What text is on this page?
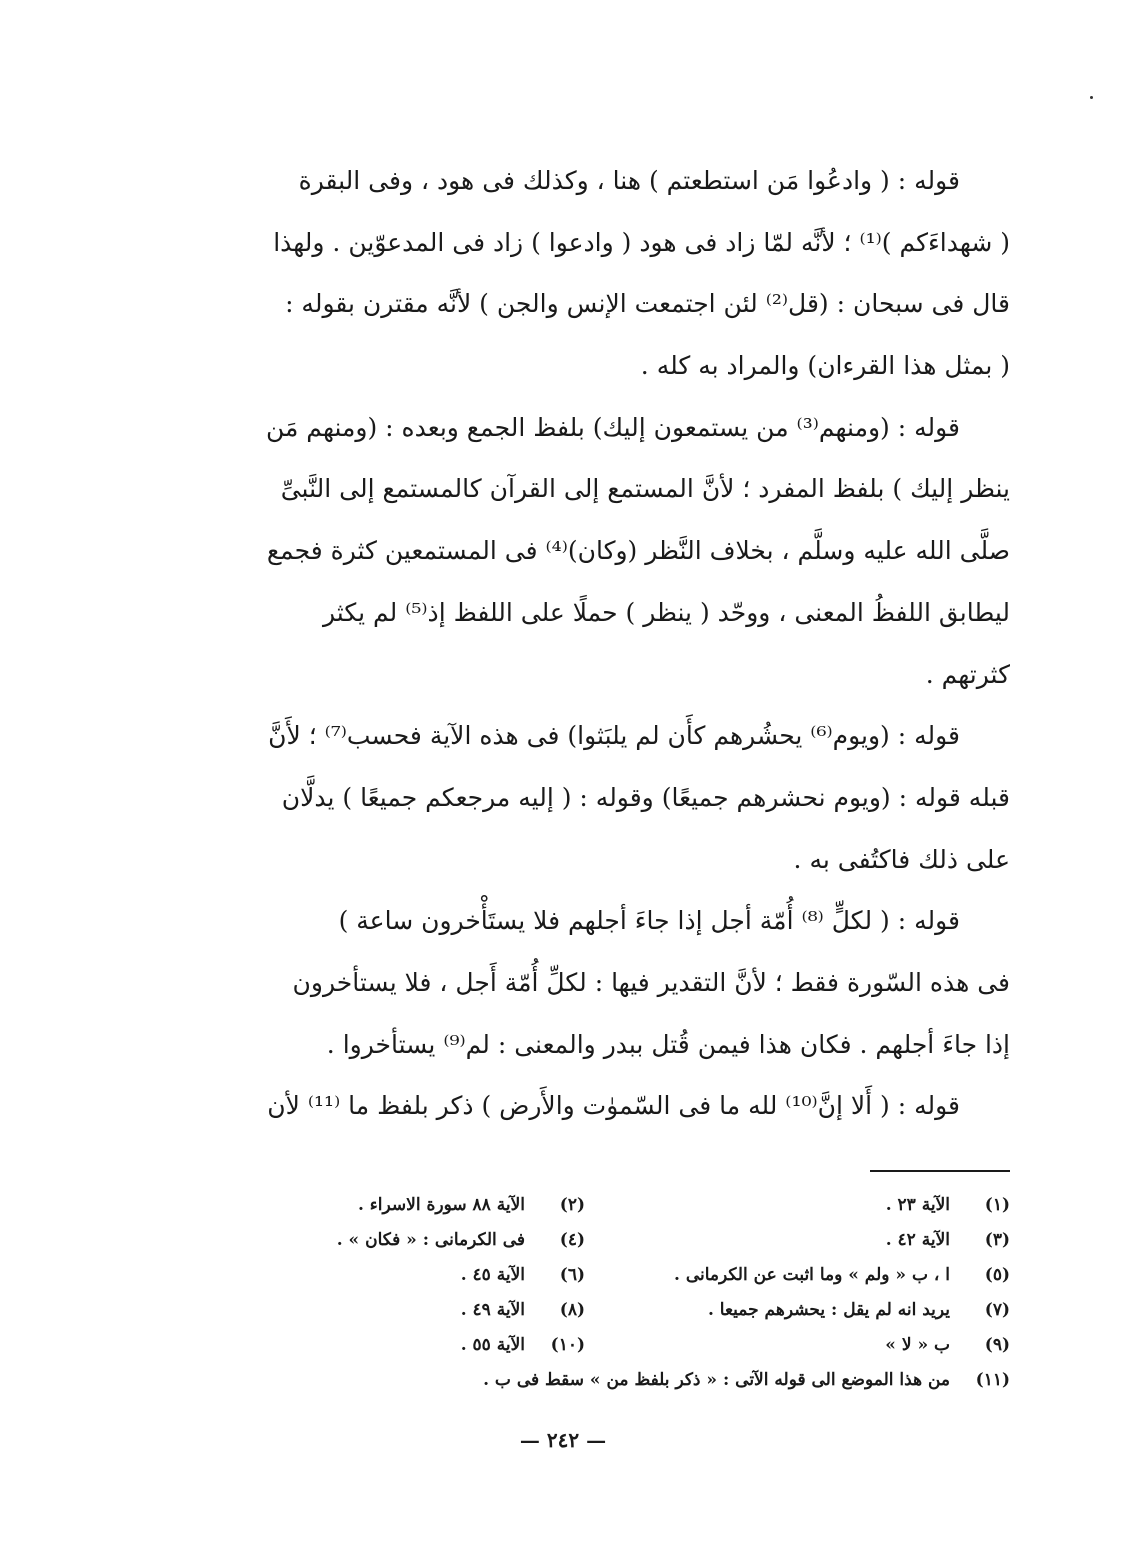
قوله : ( وادعُوا مَن استطعتم ) هنا ، وكذلك فى هود ، وفى البقرة
( شهداءَكم )⁽¹⁾ ؛ لأنَّه لمّا زاد فى هود ( وادعوا ) زاد فى المدعوّين . ولهذا
قال فى سبحان : (قل⁽²⁾ لئن اجتمعت الإنس والجن ) لأنَّه مقترن بقوله :
( بمثل هذا القرءان) والمراد به كله .
قوله : (ومنهم⁽³⁾ من يستمعون إليك) بلفظ الجمع وبعده : (ومنهم مَن
ينظر إليك ) بلفظ المفرد ؛ لأنَّ المستمع إلى القرآن كالمستمع إلى النَّبىِّ
صلَّى الله عليه وسلَّم ، بخلاف النَّظر (وكان)⁽⁴⁾ فى المستمعين كثرة فجمع
ليطابق اللفظُ المعنى ، ووحّد ( ينظر ) حملًا على اللفظ إذ⁽⁵⁾ لم يكثر
كثرتهم .
قوله : (ويوم⁽⁶⁾ يحشُرهم كأَن لم يلبَثوا) فى هذه الآية فحسب⁽⁷⁾ ؛ لأَنَّ
قبله قوله : (ويوم نحشرهم جميعًا) وقوله : ( إليه مرجعكم جميعًا ) يدلَّان
على ذلك فاكتُفى به .
قوله : ( لكلٍّ ⁽⁸⁾ أُمّة أجل إذا جاءَ أجلهم فلا يستَأْخرون ساعة )
فى هذه السّورة فقط ؛ لأنَّ التقدير فيها : لكلِّ أُمّة أَجل ، فلا يستأخرون
إذا جاءَ أجلهم . فكان هذا فيمن قُتل ببدر والمعنى : لم⁽⁹⁾ يستأخروا .
قوله : ( أَلا إنَّ⁽¹⁰⁾ لله ما فى السّموٰت والأَرض ) ذكر بلفظ ما ⁽¹¹⁾ لأن
(١)
الآية ٢٣ .
(٢)
الآية ٨٨ سورة الاسراء .
(٣)
الآية ٤٢ .
(٤)
فى الكرمانى : « فكان » .
(٥)
ا ، ب « ولم » وما اثبت عن الكرمانى .
(٦)
الآية ٤٥ .
(٧)
يريد انه لم يقل : يحشرهم جميعا .
(٨)
الآية ٤٩ .
(٩)
ب « لا »
(١٠)
الآية ٥٥ .
(١١)
من هذا الموضع الى قوله الآتى : « ذكر بلفظ من » سقط فى ب .
— ٢٤٢ —
